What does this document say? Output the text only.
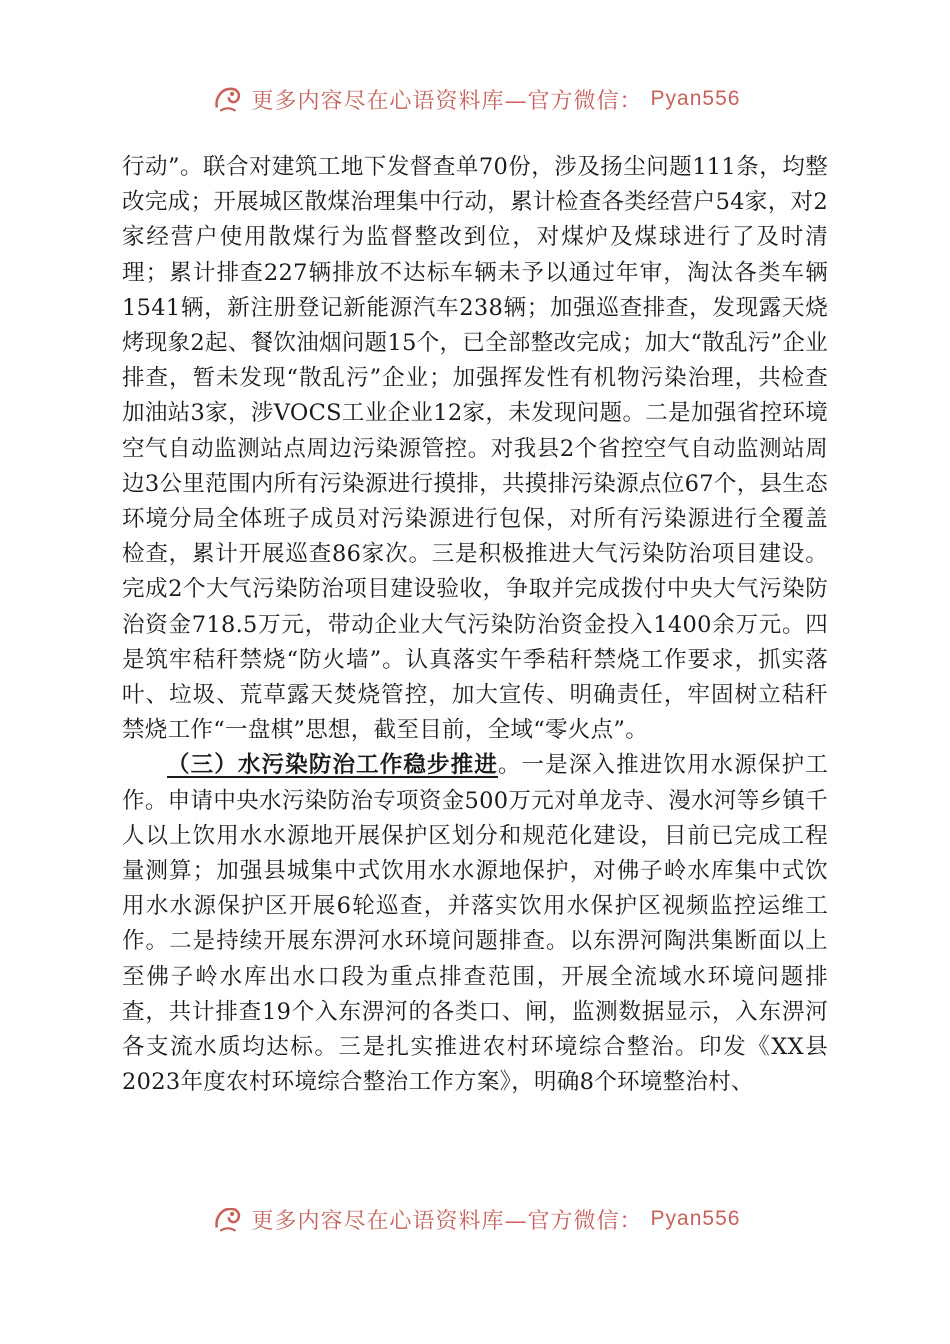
更多内容尽在心语资料库—官方微信： Pyan556

行动”。联合对建筑工地下发督查单70份，涉及扬尘问题111条，均整改完成；开展城区散煤治理集中行动，累计检查各类经营户54家，对2家经营户使用散煤行为监督整改到位，对煤炉及煤球进行了及时清理；累计排查227辆排放不达标车辆未予以通过年审，淘汰各类车辆1541辆，新注册登记新能源汽车238辆；加强巡查排查，发现露天烧烤现象2起、餐饮油烟问题15个，已全部整改完成；加大“散乱污”企业排查，暂未发现“散乱污”企业；加强挥发性有机物污染治理，共检查加油站3家，涉VOCS工业企业12家，未发现问题。二是加强省控环境空气自动监测站点周边污染源管控。对我县2个省控空气自动监测站周边3公里范围内所有污染源进行摸排，共摸排污染源点位67个，县生态环境分局全体班子成员对污染源进行包保，对所有污染源进行全覆盖检查，累计开展巡查86家次。三是积极推进大气污染防治项目建设。完成2个大气污染防治项目建设验收，争取并完成拨付中央大气污染防治资金718.5万元，带动企业大气污染防治资金投入1400余万元。四是筑牢秸秆禁烧“防火墙”。认真落实午季秸秆禁烧工作要求，抓实落叶、垃圾、荒草露天焚烧管控，加大宣传、明确责任，牢固树立秸秆禁烧工作“一盘棋”思想，截至目前，全域“零火点”。

（三）水污染防治工作稳步推进。一是深入推进饮用水源保护工作。申请中央水污染防治专项资金500万元对单龙寺、漫水河等乡镇千人以上饮用水水源地开展保护区划分和规范化建设，目前已完成工程量测算；加强县城集中式饮用水水源地保护，对佛子岭水库集中式饮用水水源保护区开展6轮巡查，并落实饮用水保护区视频监控运维工作。二是持续开展东淠河水环境问题排查。以东淠河陶洪集断面以上至佛子岭水库出水口段为重点排查范围，开展全流域水环境问题排查，共计排查19个入东淠河的各类口、闸，监测数据显示，入东淠河各支流水质均达标。三是扎实推进农村环境综合整治。印发《XX县2023年度农村环境综合整治工作方案》，明确8个环境整治村、

更多内容尽在心语资料库—官方微信： Pyan556
